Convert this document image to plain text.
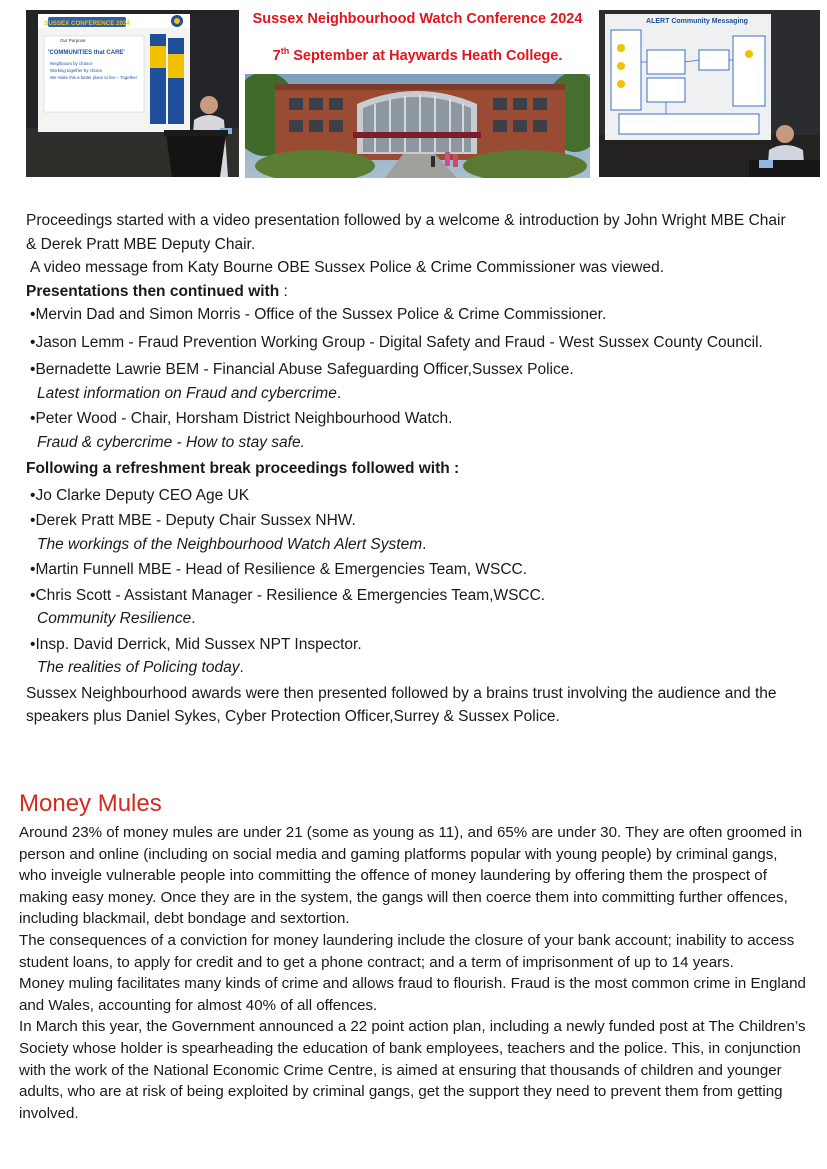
SUSSEX CONFERENCE 2024
Our Purpose
'COMMUNITIES that CARE'
Neighbours by chance
Working together by choice
We make this a better place to live – Together
Sussex Neighbourhood Watch Conference 2024
7th September at Haywards Heath College.
ALERT Community Messaging

Proceedings started with a video presentation followed by a welcome & introduction by John Wright MBE Chair & Derek Pratt MBE Deputy Chair.

A video message from Katy Bourne OBE Sussex Police & Crime Commissioner was viewed.

Presentations then continued with :

•Mervin Dad and Simon Morris - Office of the Sussex Police & Crime Commissioner.

•Jason Lemm - Fraud Prevention Working Group - Digital Safety and Fraud - West Sussex County Council.

•Bernadette Lawrie BEM - Financial Abuse Safeguarding Officer,Sussex Police.

Latest information on Fraud and cybercrime.

•Peter Wood - Chair, Horsham District Neighbourhood Watch.

Fraud & cybercrime - How to stay safe.

Following a refreshment break proceedings followed with :

•Jo Clarke Deputy CEO Age UK

•Derek Pratt MBE - Deputy Chair Sussex NHW.

The workings of the Neighbourhood Watch Alert System.

•Martin Funnell MBE - Head of Resilience & Emergencies Team, WSCC.

•Chris Scott - Assistant Manager - Resilience & Emergencies Team,WSCC.

Community Resilience.

•Insp. David Derrick, Mid Sussex NPT Inspector.

The realities of Policing today.

Sussex Neighbourhood awards were then presented followed by a brains trust involving the audience and the speakers plus Daniel Sykes, Cyber Protection Officer,Surrey & Sussex Police.

Money Mules

Around 23% of money mules are under 21 (some as young as 11), and 65% are under 30. They are often groomed in person and online (including on social media and gaming platforms popular with young people) by criminal gangs, who inveigle vulnerable people into committing the offence of money laundering by offering them the prospect of making easy money. Once they are in the system, the gangs will then coerce them into committing further offences, including blackmail, debt bondage and sextortion.

The consequences of a conviction for money laundering include the closure of your bank account; inability to access student loans, to apply for credit and to get a phone contract; and a term of imprisonment of up to 14 years.

Money muling facilitates many kinds of crime and allows fraud to flourish. Fraud is the most common crime in England and Wales, accounting for almost 40% of all offences.

In March this year, the Government announced a 22 point action plan, including a newly funded post at The Children’s Society whose holder is spearheading the education of bank employees, teachers and the police. This, in conjunction with the work of the National Economic Crime Centre, is aimed at ensuring that thousands of children and younger adults, who are at risk of being exploited by criminal gangs, get the support they need to prevent them from getting involved.
